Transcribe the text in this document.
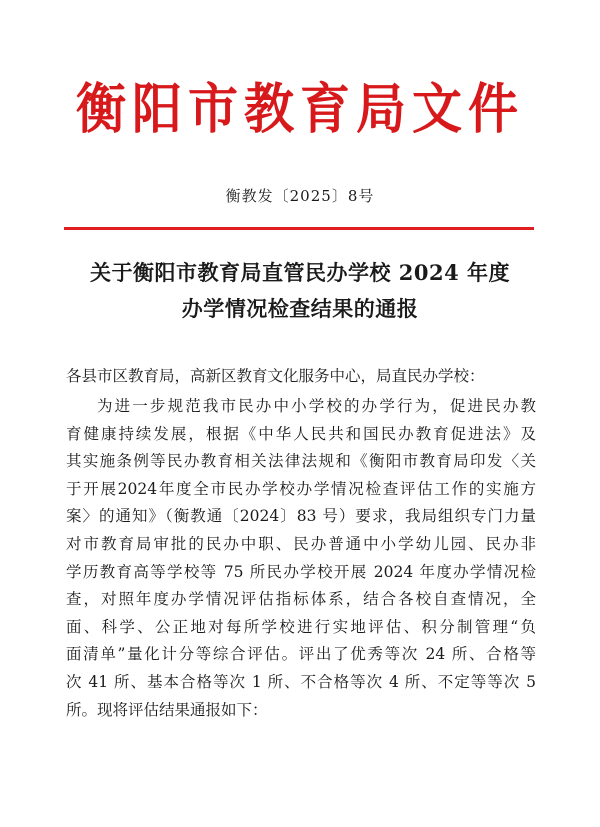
衡阳市教育局文件
衡教发〔2025〕8号
关于衡阳市教育局直管民办学校 2024 年度
办学情况检查结果的通报
各县市区教育局，高新区教育文化服务中心，局直民办学校：
为进一步规范我市民办中小学校的办学行为，促进民办教
育健康持续发展，根据《中华人民共和国民办教育促进法》及
其实施条例等民办教育相关法律法规和《衡阳市教育局印发〈关
于开展2024年度全市民办学校办学情况检查评估工作的实施方
案〉的通知》（衡教通〔2024〕83 号）要求，我局组织专门力量
对市教育局审批的民办中职、民办普通中小学幼儿园、民办非
学历教育高等学校等 75 所民办学校开展 2024 年度办学情况检
查，对照年度办学情况评估指标体系，结合各校自查情况，全
面、科学、公正地对每所学校进行实地评估、积分制管理“负
面清单”量化计分等综合评估。评出了优秀等次 24 所、合格等
次 41 所、基本合格等次 1 所、不合格等次 4 所、不定等等次 5
所。现将评估结果通报如下：
